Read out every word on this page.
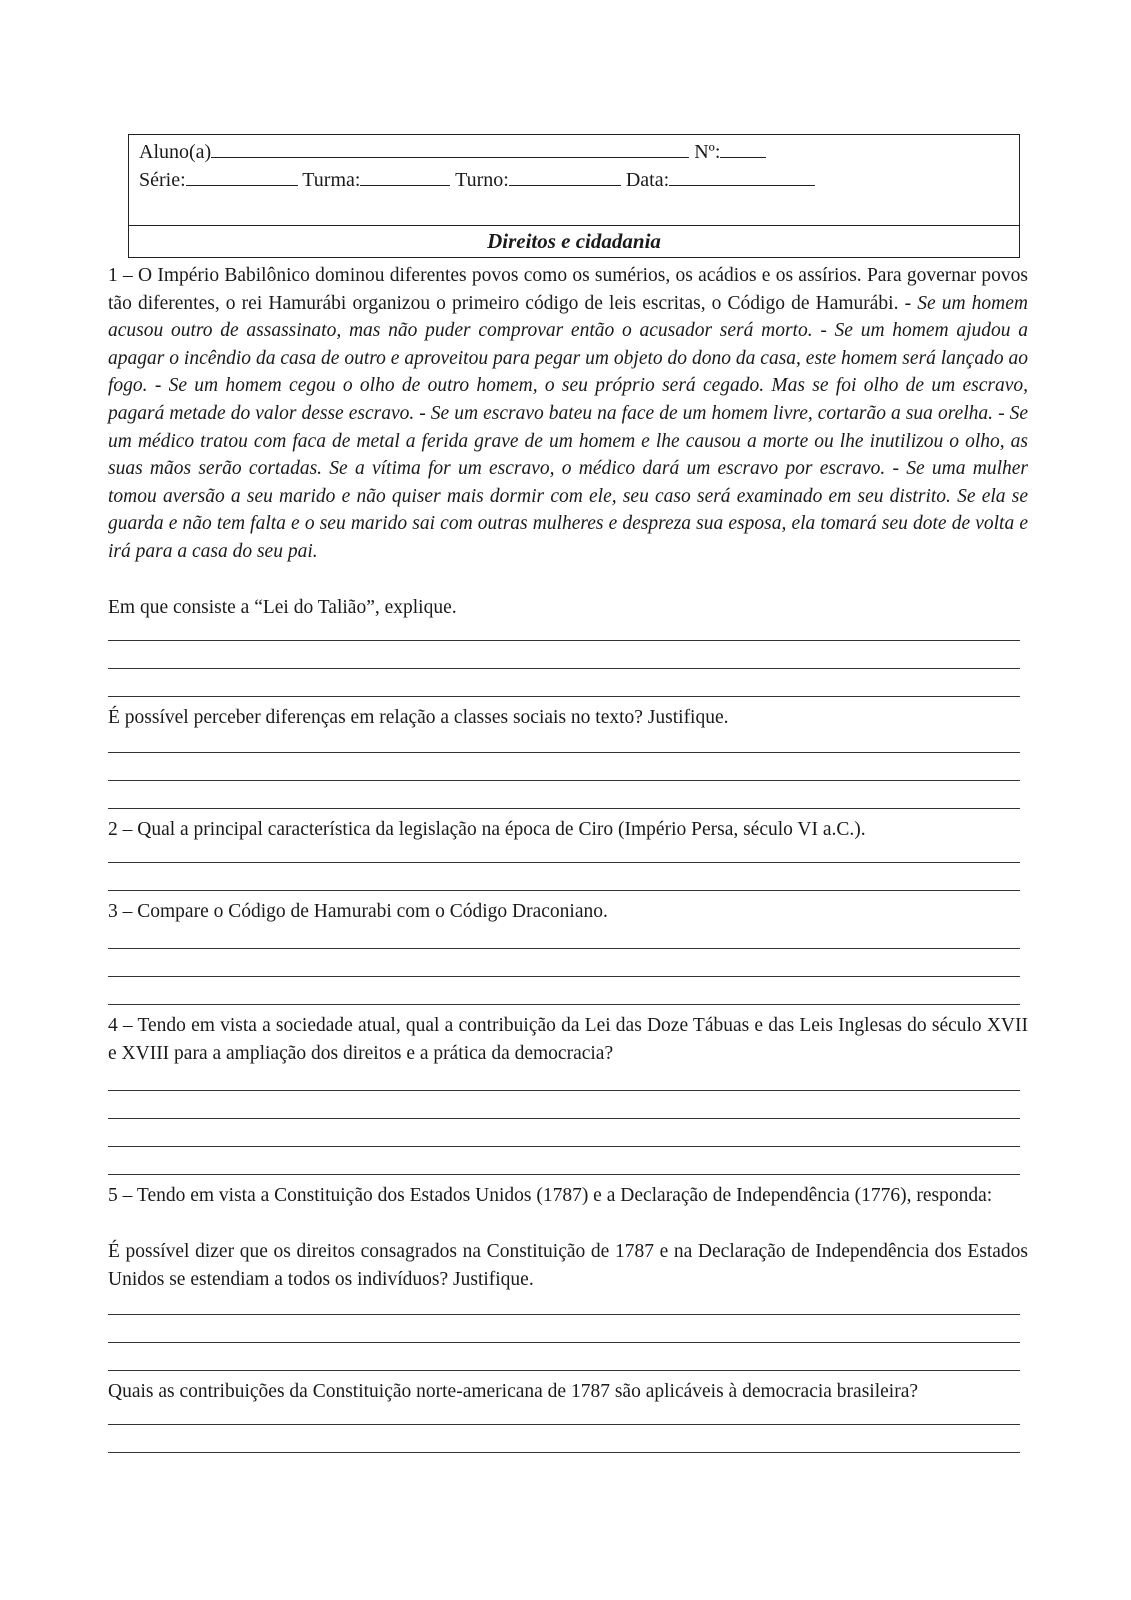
Aluno(a)	Nº:
Série:	Turma:	Turno:	Data:
Direitos e cidadania

1 – O Império Babilônico dominou diferentes povos como os sumérios, os acádios e os assírios. Para governar povos tão diferentes, o rei Hamurábi organizou o primeiro código de leis escritas, o Código de Hamurábi. - Se um homem acusou outro de assassinato, mas não puder comprovar então o acusador será morto. - Se um homem ajudou a apagar o incêndio da casa de outro e aproveitou para pegar um objeto do dono da casa, este homem será lançado ao fogo. - Se um homem cegou o olho de outro homem, o seu próprio será cegado. Mas se foi olho de um escravo, pagará metade do valor desse escravo. - Se um escravo bateu na face de um homem livre, cortarão a sua orelha. - Se um médico tratou com faca de metal a ferida grave de um homem e lhe causou a morte ou lhe inutilizou o olho, as suas mãos serão cortadas. Se a vítima for um escravo, o médico dará um escravo por escravo. - Se uma mulher tomou aversão a seu marido e não quiser mais dormir com ele, seu caso será examinado em seu distrito. Se ela se guarda e não tem falta e o seu marido sai com outras mulheres e despreza sua esposa, ela tomará seu dote de volta e irá para a casa do seu pai.

Em que consiste a “Lei do Talião”, explique.
É possível perceber diferenças em relação a classes sociais no texto? Justifique.
2 – Qual a principal característica da legislação na época de Ciro (Império Persa, século VI a.C.).
3 – Compare o Código de Hamurabi com o Código Draconiano.
4 – Tendo em vista a sociedade atual, qual a contribuição da Lei das Doze Tábuas e das Leis Inglesas do século XVII e XVIII para a ampliação dos direitos e a prática da democracia?
5 – Tendo em vista a Constituição dos Estados Unidos (1787) e a Declaração de Independência (1776), responda:
É possível dizer que os direitos consagrados na Constituição de 1787 e na Declaração de Independência dos Estados Unidos se estendiam a todos os indivíduos? Justifique.
Quais as contribuições da Constituição norte-americana de 1787 são aplicáveis à democracia brasileira?
